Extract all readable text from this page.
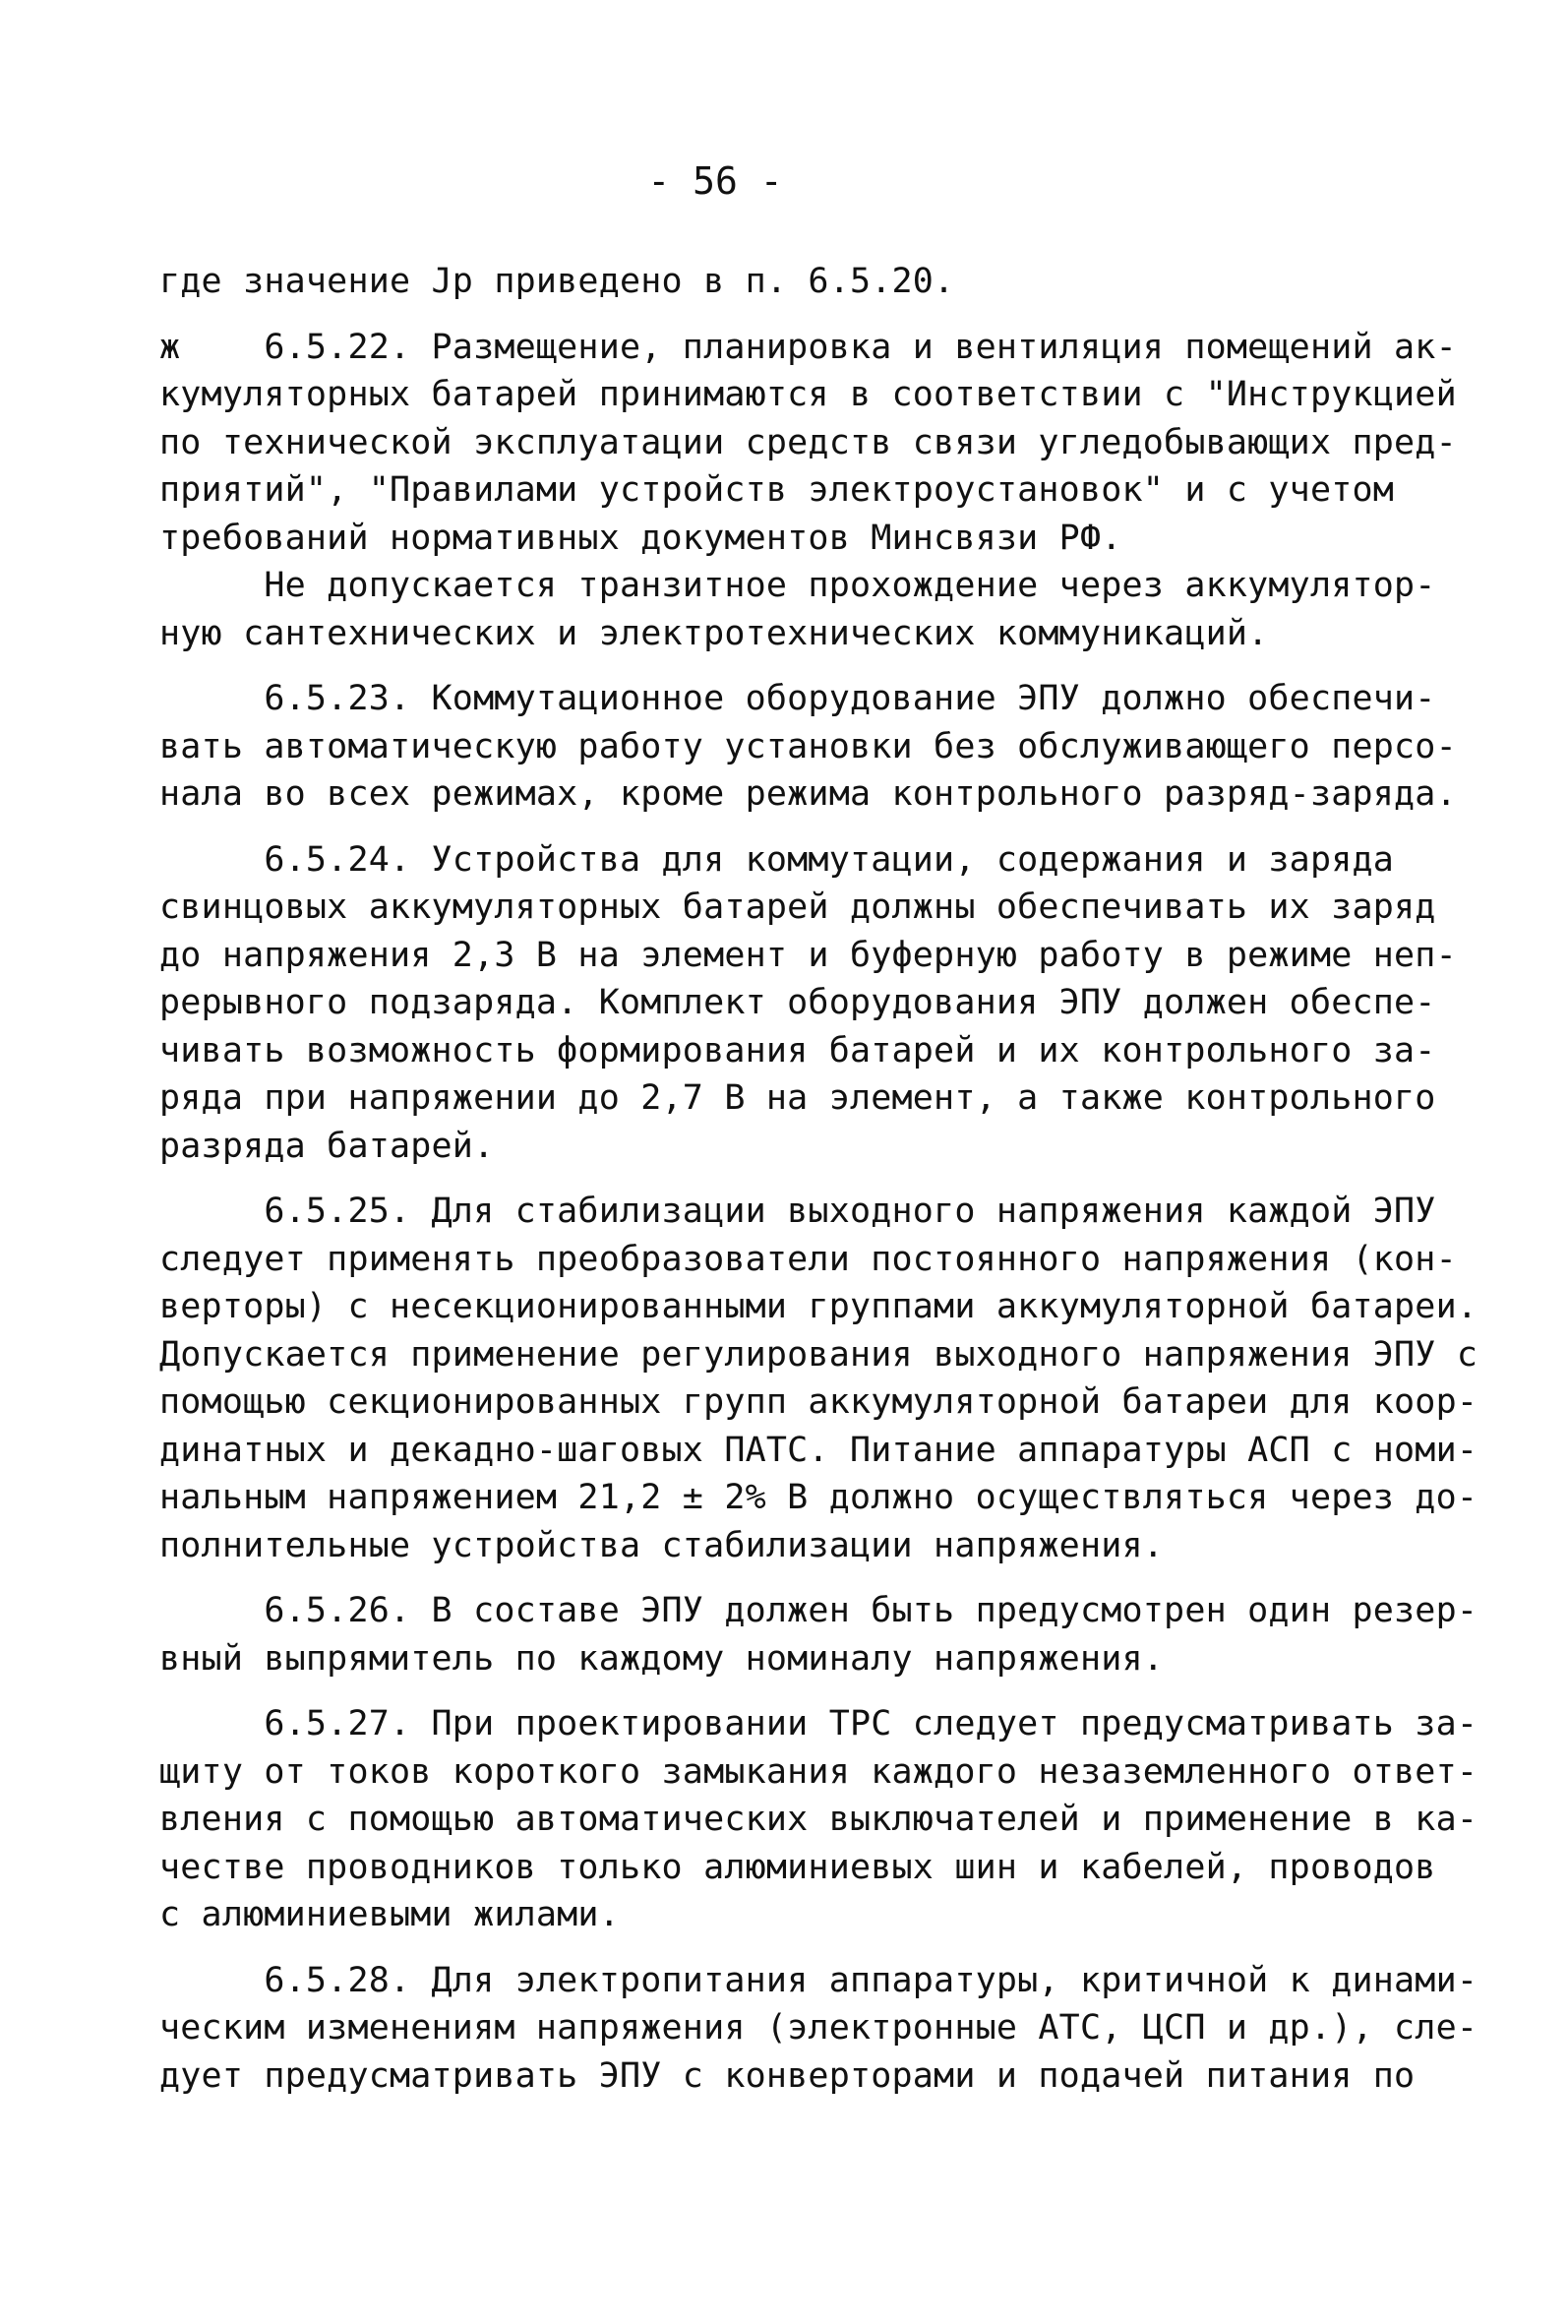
- 56 -
где значение Jр приведено в п. 6.5.20.
ж    6.5.22. Размещение, планировка и вентиляция помещений ак-
кумуляторных батарей принимаются в соответствии с "Инструкцией
по технической эксплуатации средств связи угледобывающих пред-
приятий", "Правилами устройств электроустановок" и с учетом
требований нормативных документов Минсвязи РФ.
Не допускается транзитное прохождение через аккумулятор-
ную сантехнических и электротехнических коммуникаций.
6.5.23. Коммутационное оборудование ЭПУ должно обеспечи-
вать автоматическую работу установки без обслуживающего персо-
нала во всех режимах, кроме режима контрольного разряд-заряда.
6.5.24. Устройства для коммутации, содержания и заряда
свинцовых аккумуляторных батарей должны обеспечивать их заряд
до напряжения 2,3 В на элемент и буферную работу в режиме неп-
рерывного подзаряда. Комплект оборудования ЭПУ должен обеспе-
чивать возможность формирования батарей и их контрольного за-
ряда при напряжении до 2,7 В на элемент, а также контрольного
разряда батарей.
6.5.25. Для стабилизации выходного напряжения каждой ЭПУ
следует применять преобразователи постоянного напряжения (кон-
верторы) с несекционированными группами аккумуляторной батареи.
Допускается применение регулирования выходного напряжения ЭПУ с
помощью секционированных групп аккумуляторной батареи для коор-
динатных и декадно-шаговых ПАТС. Питание аппаратуры АСП с номи-
нальным напряжением 21,2 ± 2% В должно осуществляться через до-
полнительные устройства стабилизации напряжения.
6.5.26. В составе ЭПУ должен быть предусмотрен один резер-
вный выпрямитель по каждому номиналу напряжения.
6.5.27. При проектировании ТРС следует предусматривать за-
щиту от токов короткого замыкания каждого незаземленного ответ-
вления с помощью автоматических выключателей и применение в ка-
честве проводников только алюминиевых шин и кабелей, проводов
с алюминиевыми жилами.
6.5.28. Для электропитания аппаратуры, критичной к динами-
ческим изменениям напряжения (электронные АТС, ЦСП и др.), сле-
дует предусматривать ЭПУ с конверторами и подачей питания по
